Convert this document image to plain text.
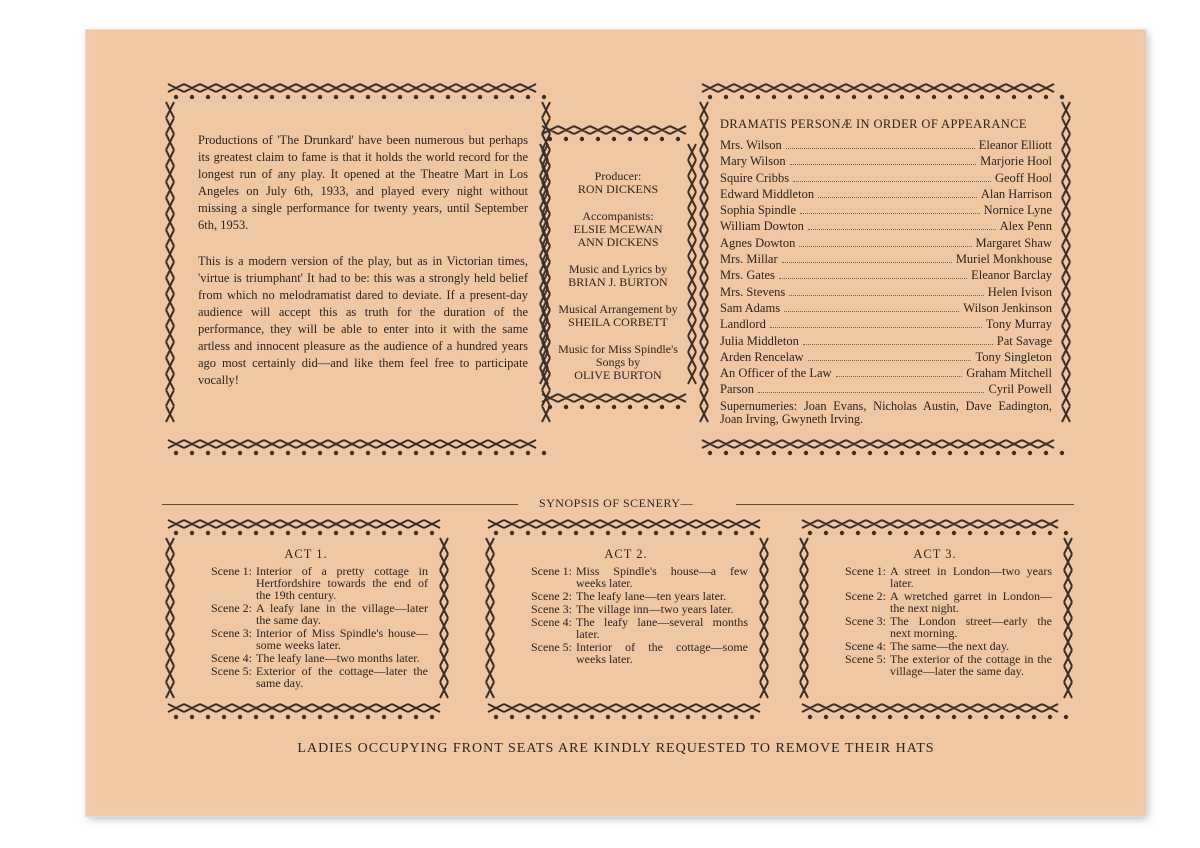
Productions of 'The Drunkard' have been numerous but perhaps its greatest claim to fame is that it holds the world record for the longest run of any play. It opened at the Theatre Mart in Los Angeles on July 6th, 1933, and played every night without missing a single performance for twenty years, until September 6th, 1953.

This is a modern version of the play, but as in Victorian times, 'virtue is triumphant' It had to be: this was a strongly held belief from which no melodramatist dared to deviate. If a present-day audience will accept this as truth for the duration of the performance, they will be able to enter into it with the same artless and innocent pleasure as the audience of a hundred years ago most certainly did—and like them feel free to participate vocally!

Producer:
RON DICKENS
Accompanists:
ELSIE MCEWAN
ANN DICKENS
Music and Lyrics by
BRIAN J. BURTON
Musical Arrangement by
SHEILA CORBETT
Music for Miss Spindle's Songs by
OLIVE BURTON
DRAMATIS PERSONÆ IN ORDER OF APPEARANCE
Mrs. Wilson	Eleanor Elliott
Mary Wilson	Marjorie Hool
Squire Cribbs	Geoff Hool
Edward Middleton	Alan Harrison
Sophia Spindle	Nornice Lyne
William Dowton	Alex Penn
Agnes Dowton	Margaret Shaw
Mrs. Millar	Muriel Monkhouse
Mrs. Gates	Eleanor Barclay
Mrs. Stevens	Helen Ivison
Sam Adams	Wilson Jenkinson
Landlord	Tony Murray
Julia Middleton	Pat Savage
Arden Rencelaw	Tony Singleton
An Officer of the Law	Graham Mitchell
Parson	Cyril Powell
Supernumeries: Joan Evans, Nicholas Austin, Dave Eadington, Joan Irving, Gwyneth Irving.
SYNOPSIS OF SCENERY—
ACT 1.
Scene 1: Interior of a pretty cottage in Hertfordshire towards the end of the 19th century.
Scene 2: A leafy lane in the village—later the same day.
Scene 3: Interior of Miss Spindle's house—some weeks later.
Scene 4: The leafy lane—two months later.
Scene 5: Exterior of the cottage—later the same day.
ACT 2.
Scene 1: Miss Spindle's house—a few weeks later.
Scene 2: The leafy lane—ten years later.
Scene 3: The village inn—two years later.
Scene 4: The leafy lane—several months later.
Scene 5: Interior of the cottage—some weeks later.
ACT 3.
Scene 1: A street in London—two years later.
Scene 2: A wretched garret in London—the next night.
Scene 3: The London street—early the next morning.
Scene 4: The same—the next day.
Scene 5: The exterior of the cottage in the village—later the same day.
LADIES OCCUPYING FRONT SEATS ARE KINDLY REQUESTED TO REMOVE THEIR HATS
